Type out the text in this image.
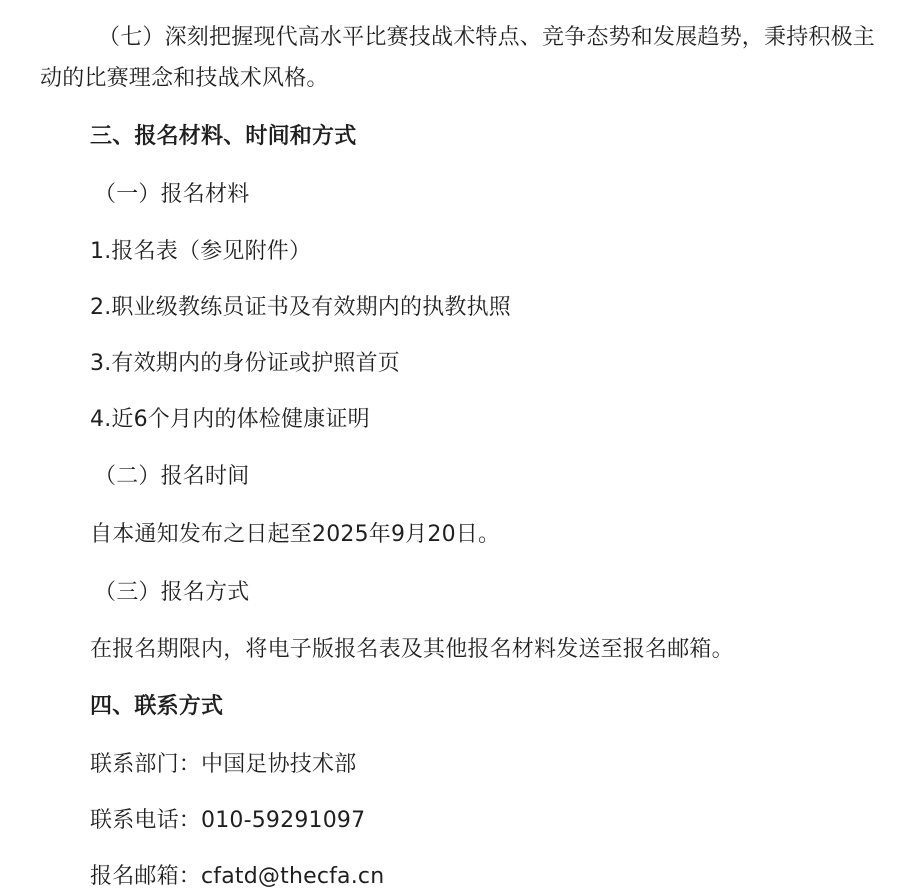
（七）深刻把握现代高水平比赛技战术特点、竞争态势和发展趋势，秉持积极主
动的比赛理念和技战术风格。
三、报名材料、时间和方式
（一）报名材料
1.报名表（参见附件）
2.职业级教练员证书及有效期内的执教执照
3.有效期内的身份证或护照首页
4.近6个月内的体检健康证明
（二）报名时间
自本通知发布之日起至2025年9月20日。
（三）报名方式
在报名期限内，将电子版报名表及其他报名材料发送至报名邮箱。
四、联系方式
联系部门：中国足协技术部
联系电话：010-59291097
报名邮箱：cfatd@thecfa.cn
